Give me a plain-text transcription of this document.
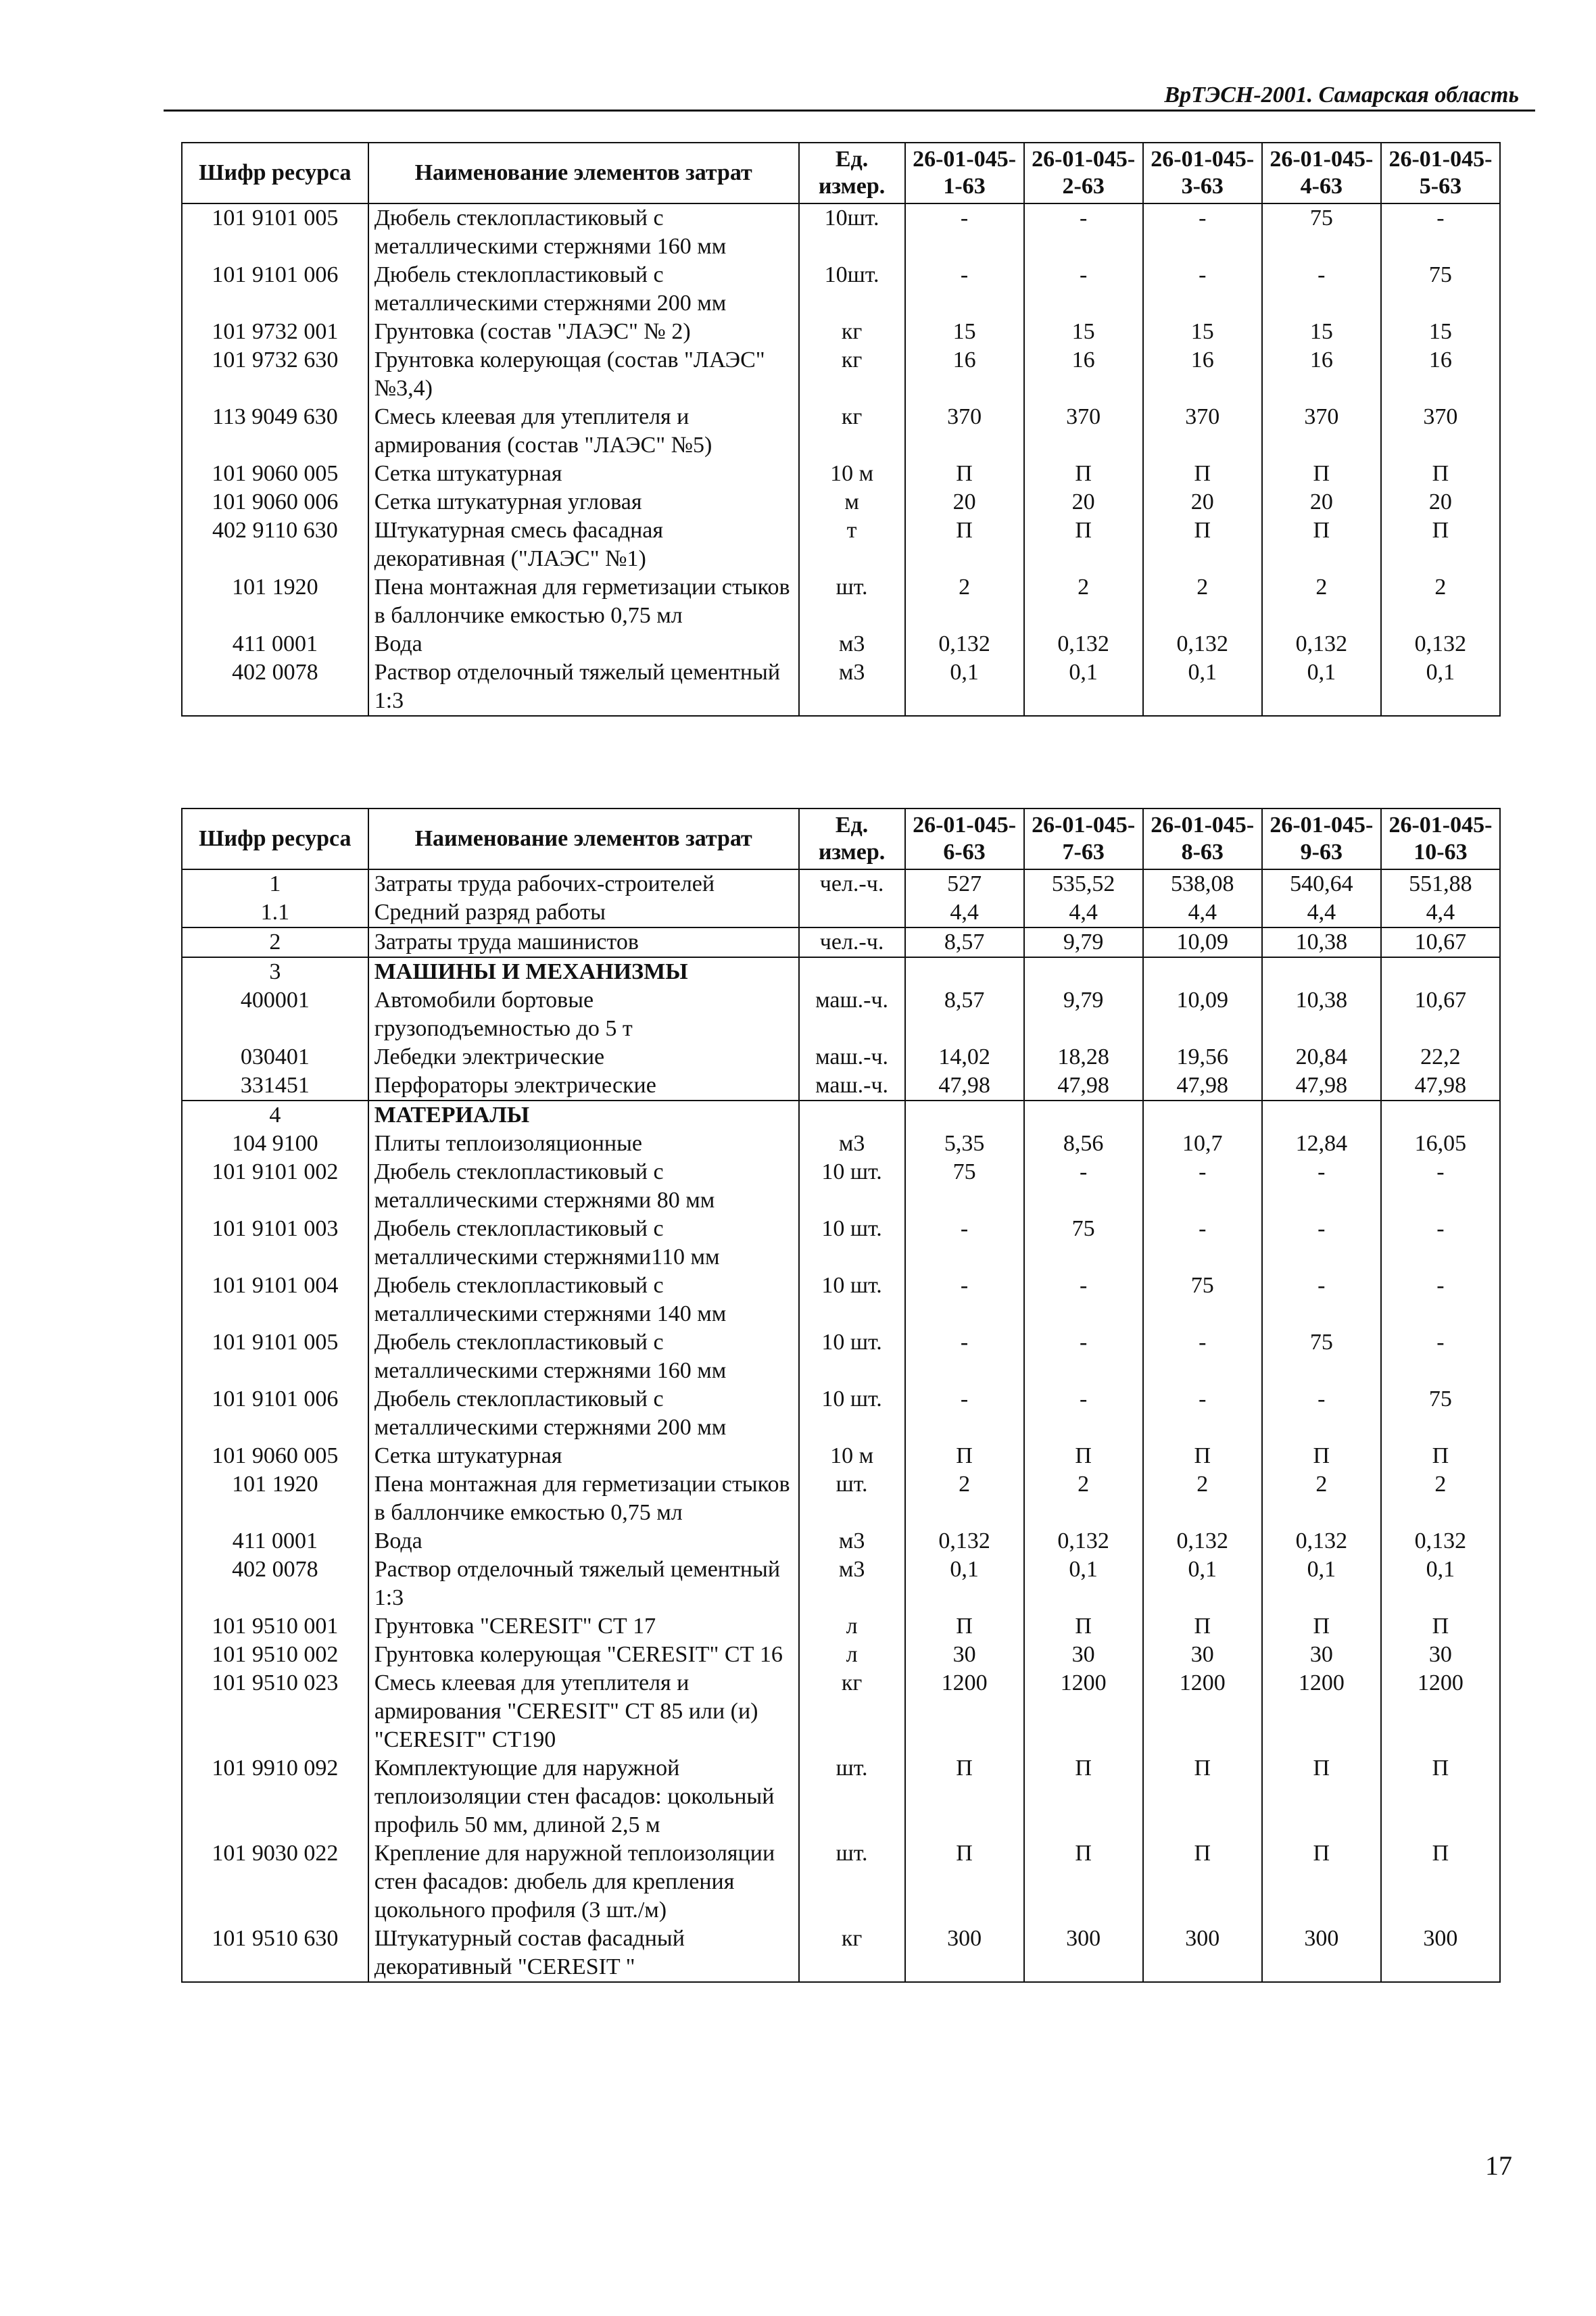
ВрТЭСН-2001. Самарская область
Шифр ресурса	Наименование элементов затрат	Ед. измер.	26-01-045-1-63	26-01-045-2-63	26-01-045-3-63	26-01-045-4-63	26-01-045-5-63
101 9101 005	Дюбель стеклопластиковый с металлическими стержнями 160 мм	10шт.	-	-	-	75	-
101 9101 006	Дюбель стеклопластиковый с металлическими стержнями 200 мм	10шт.	-	-	-	-	75
101 9732 001	Грунтовка (состав "ЛАЭС" № 2)	кг	15	15	15	15	15
101 9732 630	Грунтовка колерующая (состав "ЛАЭС" №3,4)	кг	16	16	16	16	16
113 9049 630	Смесь клеевая для утеплителя и армирования (состав "ЛАЭС" №5)	кг	370	370	370	370	370
101 9060 005	Сетка штукатурная	10 м	П	П	П	П	П
101 9060 006	Сетка штукатурная угловая	м	20	20	20	20	20
402 9110 630	Штукатурная смесь фасадная декоративная ("ЛАЭС" №1)	т	П	П	П	П	П
101 1920	Пена монтажная для герметизации стыков в баллончике емкостью 0,75 мл	шт.	2	2	2	2	2
411 0001	Вода	м3	0,132	0,132	0,132	0,132	0,132
402 0078	Раствор отделочный тяжелый цементный 1:3	м3	0,1	0,1	0,1	0,1	0,1
Шифр ресурса	Наименование элементов затрат	Ед. измер.	26-01-045-6-63	26-01-045-7-63	26-01-045-8-63	26-01-045-9-63	26-01-045-10-63
1	Затраты труда рабочих-строителей	чел.-ч.	527	535,52	538,08	540,64	551,88
1.1	Средний разряд работы		4,4	4,4	4,4	4,4	4,4
2	Затраты труда машинистов	чел.-ч.	8,57	9,79	10,09	10,38	10,67
3	МАШИНЫ И МЕХАНИЗМЫ						
400001	Автомобили бортовые грузоподъемностью до 5 т	маш.-ч.	8,57	9,79	10,09	10,38	10,67
030401	Лебедки электрические	маш.-ч.	14,02	18,28	19,56	20,84	22,2
331451	Перфораторы электрические	маш.-ч.	47,98	47,98	47,98	47,98	47,98
4	МАТЕРИАЛЫ						
104 9100	Плиты теплоизоляционные	м3	5,35	8,56	10,7	12,84	16,05
101 9101 002	Дюбель стеклопластиковый с металлическими стержнями 80 мм	10 шт.	75	-	-	-	-
101 9101 003	Дюбель стеклопластиковый с металлическими стержнями110 мм	10 шт.	-	75	-	-	-
101 9101 004	Дюбель стеклопластиковый с металлическими стержнями 140 мм	10 шт.	-	-	75	-	-
101 9101 005	Дюбель стеклопластиковый с металлическими стержнями 160 мм	10 шт.	-	-	-	75	-
101 9101 006	Дюбель стеклопластиковый с металлическими стержнями 200 мм	10 шт.	-	-	-	-	75
101 9060 005	Сетка штукатурная	10 м	П	П	П	П	П
101 1920	Пена монтажная для герметизации стыков в баллончике емкостью 0,75 мл	шт.	2	2	2	2	2
411 0001	Вода	м3	0,132	0,132	0,132	0,132	0,132
402 0078	Раствор отделочный тяжелый цементный 1:3	м3	0,1	0,1	0,1	0,1	0,1
101 9510 001	Грунтовка "CERESIT" СТ 17	л	П	П	П	П	П
101 9510 002	Грунтовка колерующая "CERESIT" СТ 16	л	30	30	30	30	30
101 9510 023	Смесь клеевая для утеплителя и армирования "CERESIT" СТ 85 или (и) "CERESIT" СТ190	кг	1200	1200	1200	1200	1200
101 9910 092	Комплектующие для наружной теплоизоляции стен фасадов: цокольный профиль 50 мм, длиной 2,5 м	шт.	П	П	П	П	П
101 9030 022	Крепление для наружной теплоизоляции стен фасадов: дюбель для крепления цокольного профиля (3 шт./м)	шт.	П	П	П	П	П
101 9510 630	Штукатурный состав фасадный декоративный "CERESIT "	кг	300	300	300	300	300
17
